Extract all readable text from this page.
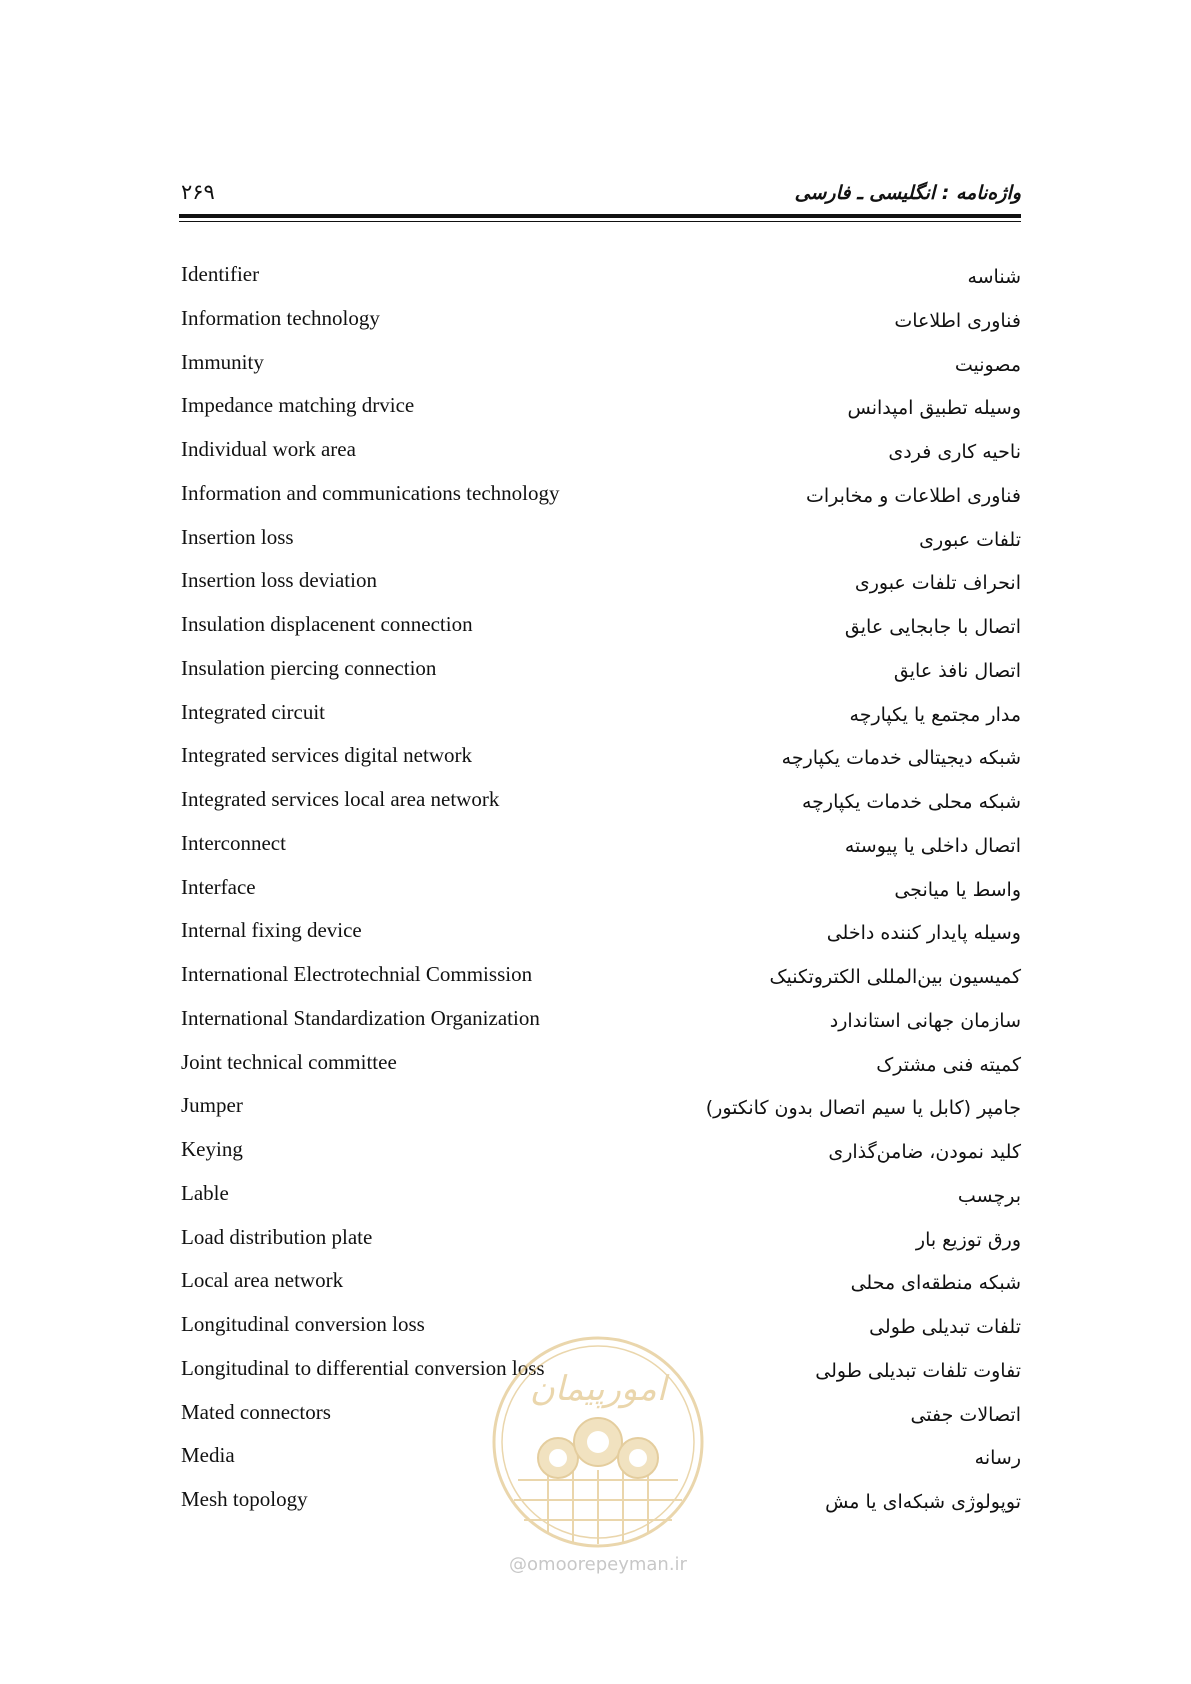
۲۶۹	واژه‌نامه : انگلیسی ـ فارسی
Identifier	شناسه
Information technology	فناوری اطلاعات
Immunity	مصونیت
Impedance matching drvice	وسیله تطبیق امپدانس
Individual work area	ناحیه کاری فردی
Information and communications technology	فناوری اطلاعات و مخابرات
Insertion loss	تلفات عبوری
Insertion loss deviation	انحراف تلفات عبوری
Insulation displacenent connection	اتصال با جابجایی عایق
Insulation piercing connection	اتصال نافذ عایق
Integrated circuit	مدار مجتمع یا یکپارچه
Integrated services digital network	شبکه دیجیتالی خدمات یکپارچه
Integrated services local area network	شبکه محلی خدمات یکپارچه
Interconnect	اتصال داخلی یا پیوسته
Interface	واسط یا میانجی
Internal fixing device	وسیله پایدار کننده داخلی
International Electrotechnial Commission	کمیسیون بین‌المللی الکتروتکنیک
International Standardization Organization	سازمان جهانی استاندارد
Joint technical committee	کمیته فنی مشترک
Jumper	جامپر (کابل یا سیم اتصال بدون کانکتور)
Keying	کلید نمودن، ضامن‌گذاری
Lable	برچسب
Load distribution plate	ورق توزیع بار
Local area network	شبکه منطقه‌ای محلی
Longitudinal conversion loss	تلفات تبدیلی طولی
Longitudinal to differential conversion loss	تفاوت تلفات تبدیلی طولی
Mated connectors	اتصالات جفتی
Media	رسانه
Mesh topology	توپولوژی شبکه‌ای یا مش
امورپیمان
@omoorepeyman.ir
